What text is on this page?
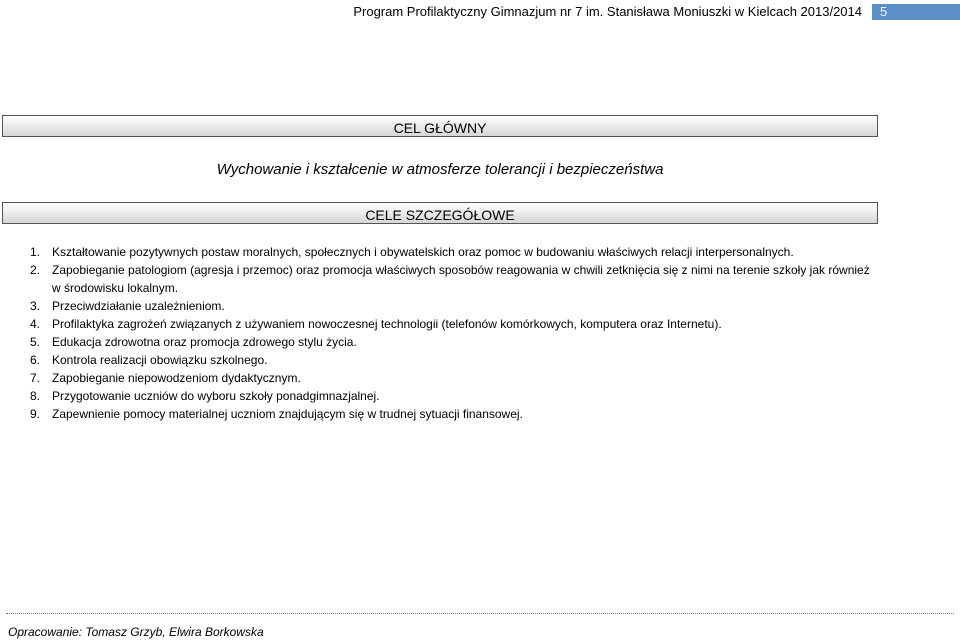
Program Profilaktyczny Gimnazjum nr 7 im. Stanisława Moniuszki w Kielcach 2013/2014	5
CEL GŁÓWNY
Wychowanie i kształcenie w atmosferze tolerancji i bezpieczeństwa
CELE SZCZEGÓŁOWE
1. Kształtowanie pozytywnych postaw moralnych, społecznych i obywatelskich oraz pomoc w budowaniu właściwych relacji interpersonalnych.
2. Zapobieganie patologiom (agresja i przemoc) oraz promocja właściwych sposobów reagowania w chwili zetknięcia się z nimi na terenie szkoły jak również w środowisku lokalnym.
3. Przeciwdziałanie uzależnieniom.
4. Profilaktyka zagrożeń związanych z używaniem nowoczesnej technologii (telefonów komórkowych, komputera oraz Internetu).
5. Edukacja zdrowotna oraz promocja zdrowego stylu życia.
6. Kontrola realizacji obowiązku szkolnego.
7. Zapobieganie niepowodzeniom dydaktycznym.
8. Przygotowanie uczniów do wyboru szkoły ponadgimnazjalnej.
9. Zapewnienie pomocy materialnej uczniom znajdującym się w trudnej sytuacji finansowej.
Opracowanie: Tomasz Grzyb, Elwira Borkowska
